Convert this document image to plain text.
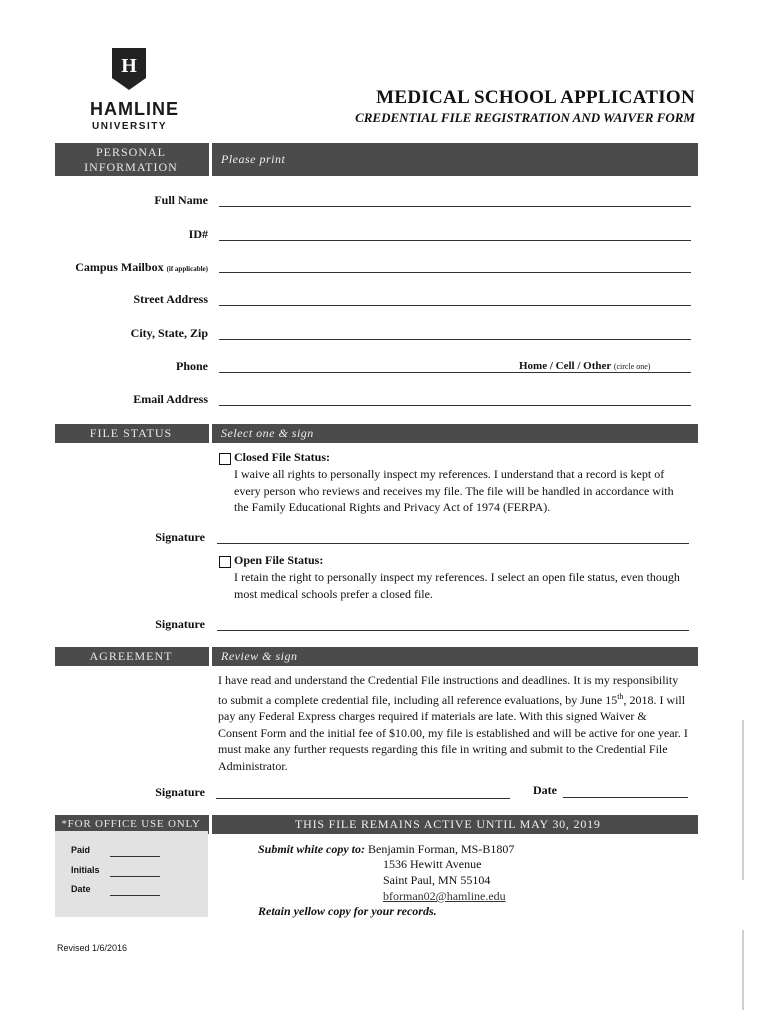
H
HAMLINE
UNIVERSITY
MEDICAL SCHOOL APPLICATION
CREDENTIAL FILE REGISTRATION AND WAIVER FORM
PERSONAL
INFORMATION
Please print
Full Name
ID#
Campus Mailbox (if applicable)
Street Address
City, State, Zip
Phone	Home / Cell / Other (circle one)
Email Address
FILE STATUS	Select one & sign
Closed File Status:
I waive all rights to personally inspect my references. I understand that a record is kept of every person who reviews and receives my file. The file will be handled in accordance with the Family Educational Rights and Privacy Act of 1974 (FERPA).
Signature
Open File Status:
I retain the right to personally inspect my references. I select an open file status, even though most medical schools prefer a closed file.
Signature
AGREEMENT	Review & sign
I have read and understand the Credential File instructions and deadlines. It is my responsibility to submit a complete credential file, including all reference evaluations, by June 15th, 2018. I will pay any Federal Express charges required if materials are late. With this signed Waiver & Consent Form and the initial fee of $10.00, my file is established and will be active for one year. I must make any further requests regarding this file in writing and submit to the Credential File Administrator.
Signature	Date
*FOR OFFICE USE ONLY	THIS FILE REMAINS ACTIVE UNTIL MAY 30, 2019
Paid
Initials
Date
Submit white copy to: Benjamin Forman, MS-B1807
1536 Hewitt Avenue
Saint Paul, MN 55104
bforman02@hamline.edu
Retain yellow copy for your records.
Revised 1/6/2016
